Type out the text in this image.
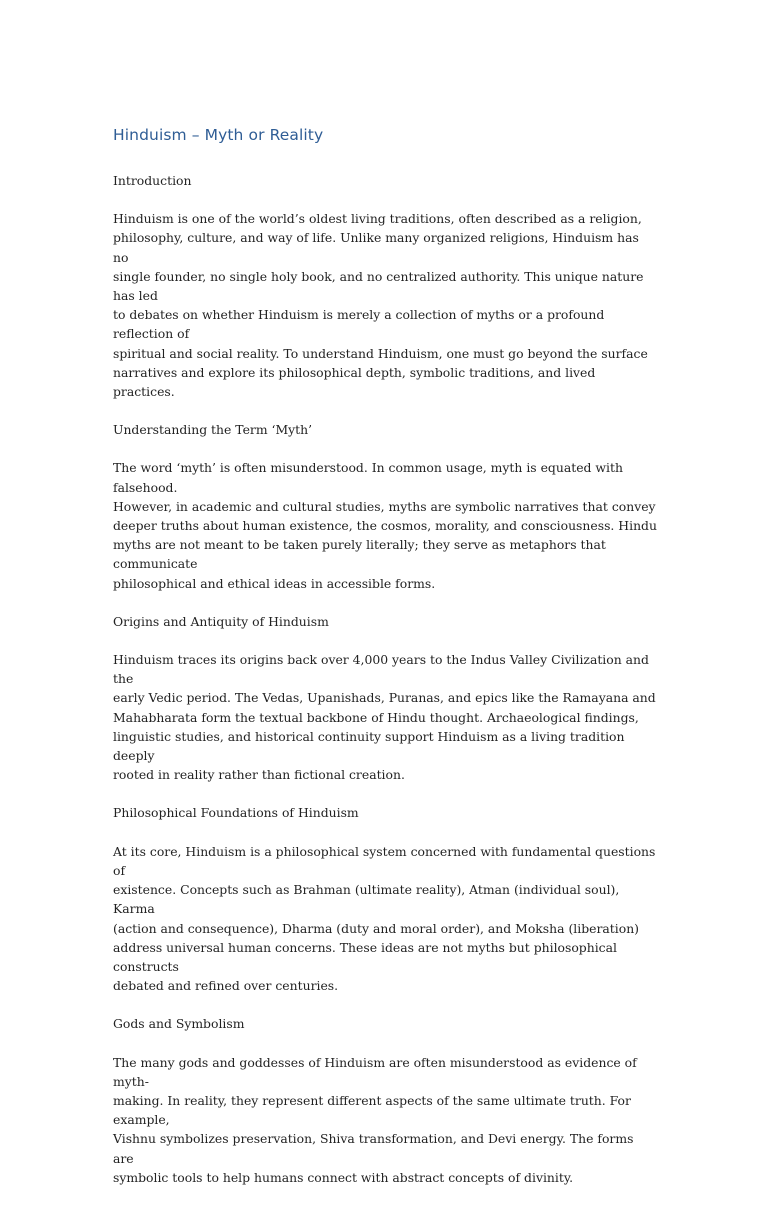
Hinduism – Myth or Reality
Introduction
Hinduism is one of the world’s oldest living traditions, often described as a religion,
philosophy, culture, and way of life. Unlike many organized religions, Hinduism has no
single founder, no single holy book, and no centralized authority. This unique nature has led
to debates on whether Hinduism is merely a collection of myths or a profound reflection of
spiritual and social reality. To understand Hinduism, one must go beyond the surface
narratives and explore its philosophical depth, symbolic traditions, and lived practices.
Understanding the Term ‘Myth’
The word ‘myth’ is often misunderstood. In common usage, myth is equated with falsehood.
However, in academic and cultural studies, myths are symbolic narratives that convey
deeper truths about human existence, the cosmos, morality, and consciousness. Hindu
myths are not meant to be taken purely literally; they serve as metaphors that communicate
philosophical and ethical ideas in accessible forms.
Origins and Antiquity of Hinduism
Hinduism traces its origins back over 4,000 years to the Indus Valley Civilization and the
early Vedic period. The Vedas, Upanishads, Puranas, and epics like the Ramayana and
Mahabharata form the textual backbone of Hindu thought. Archaeological findings,
linguistic studies, and historical continuity support Hinduism as a living tradition deeply
rooted in reality rather than fictional creation.
Philosophical Foundations of Hinduism
At its core, Hinduism is a philosophical system concerned with fundamental questions of
existence. Concepts such as Brahman (ultimate reality), Atman (individual soul), Karma
(action and consequence), Dharma (duty and moral order), and Moksha (liberation)
address universal human concerns. These ideas are not myths but philosophical constructs
debated and refined over centuries.
Gods and Symbolism
The many gods and goddesses of Hinduism are often misunderstood as evidence of myth-
making. In reality, they represent different aspects of the same ultimate truth. For example,
Vishnu symbolizes preservation, Shiva transformation, and Devi energy. The forms are
symbolic tools to help humans connect with abstract concepts of divinity.
